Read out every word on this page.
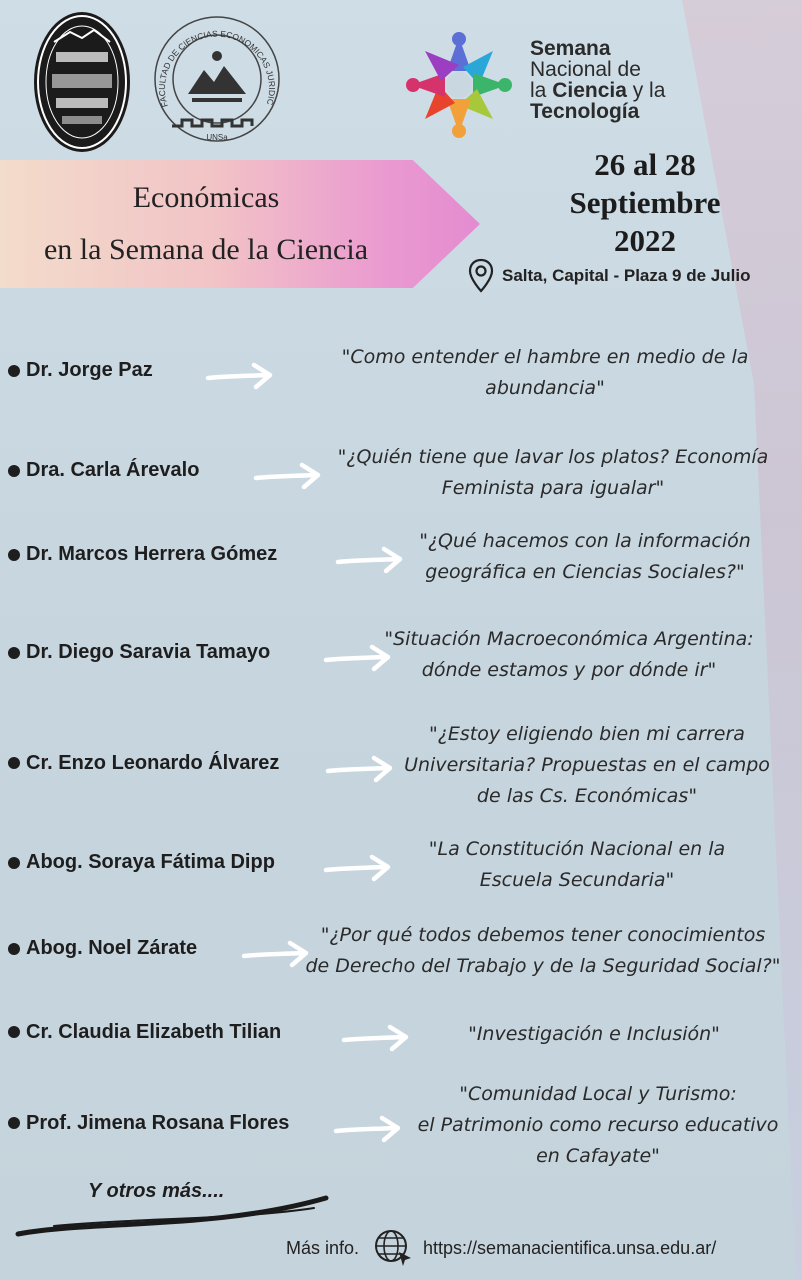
FACULTAD DE CIENCIAS ECONOMICAS JURIDIC
UNSa
Semana
Nacional de
la Ciencia y la
Tecnología
Económicas
en la Semana de la Ciencia
26 al 28
Septiembre
2022
Salta, Capital - Plaza 9 de Julio
Dr. Jorge Paz
"Como entender el hambre en medio de la
abundancia"
Dra. Carla Árevalo
"¿Quién tiene que lavar los platos? Economía
Feminista para igualar"
Dr. Marcos Herrera Gómez
"¿Qué hacemos con la información
geográfica en Ciencias Sociales?"
Dr. Diego Saravia Tamayo
"Situación Macroeconómica Argentina:
dónde estamos y por dónde ir"
Cr. Enzo Leonardo Álvarez
"¿Estoy eligiendo bien mi carrera
Universitaria? Propuestas en el campo
de las Cs. Económicas"
Abog. Soraya Fátima Dipp
"La Constitución Nacional en la
Escuela Secundaria"
Abog. Noel Zárate
"¿Por qué todos debemos tener conocimientos
de Derecho del Trabajo y de la Seguridad Social?"
Cr. Claudia Elizabeth Tilian	"Investigación e Inclusión"
Prof. Jimena Rosana Flores
"Comunidad Local y Turismo:
el Patrimonio como recurso educativo
en Cafayate"
Y otros más....
Más info.	https://semanacientifica.unsa.edu.ar/
